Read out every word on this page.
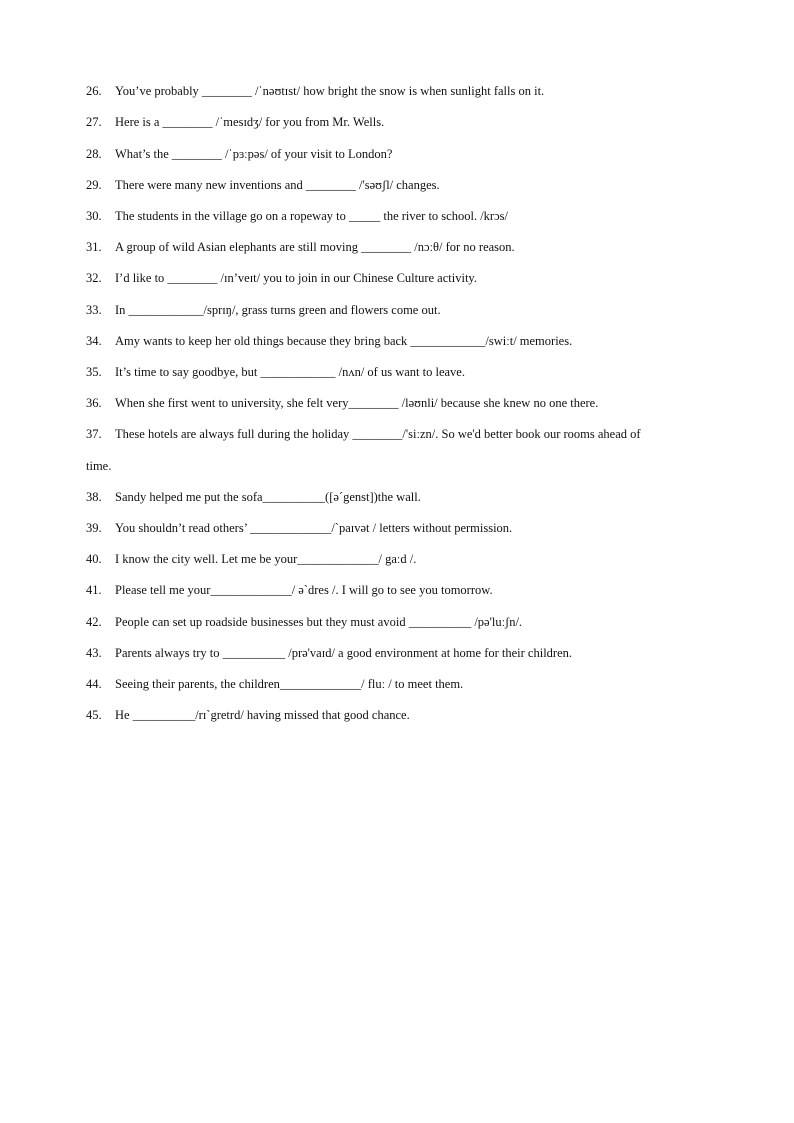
26. You’ve probably ________ /ˈnəʊtɪst/ how bright the snow is when sunlight falls on it.
27. Here is a ________ /ˈmesɪdʒ/ for you from Mr. Wells.
28. What’s the ________ /ˈpɜːpəs/ of your visit to London?
29. There were many new inventions and ________ /'səʊʃl/ changes.
30. The students in the village go on a ropeway to _____ the river to school. /krɔs/
31. A group of wild Asian elephants are still moving ________ /nɔːθ/ for no reason.
32. I’d like to ________ /ɪn’veɪt/ you to join in our Chinese Culture activity.
33. In ____________/sprɪŋ/, grass turns green and flowers come out.
34. Amy wants to keep her old things because they bring back ____________/swiːt/ memories.
35. It’s time to say goodbye, but ____________ /nʌn/ of us want to leave.
36. When she first went to university, she felt very________ /ləʊnli/ because she knew no one there.
37. These hotels are always full during the holiday ________/'siːzn/. So we'd better book our rooms ahead of
time.
38. Sandy helped me put the sofa__________([əˊgenst])the wall.
39. You shouldn’t read others’ _____________/ˋpaɪvət / letters without permission.
40. I know the city well. Let me be your_____________/ gaːd /.
41. Please tell me your_____________/ əˋdres /. I will go to see you tomorrow.
42. People can set up roadside businesses but they must avoid __________ /pə'luːʃn/.
43. Parents always try to __________ /prə'vaɪd/ a good environment at home for their children.
44. Seeing their parents, the children_____________/ fluː / to meet them.
45. He __________/rɪˋgretrd/ having missed that good chance.
